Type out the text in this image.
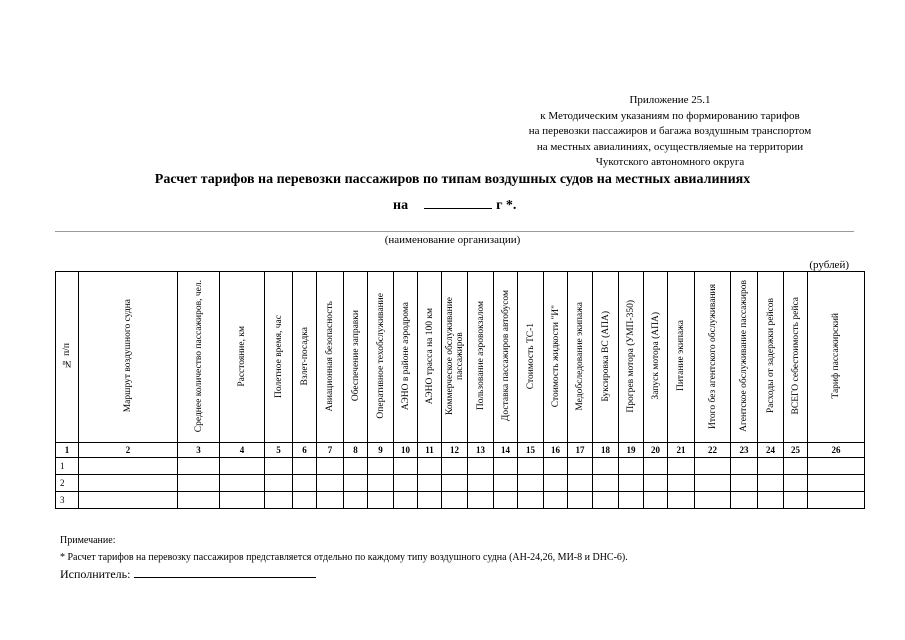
Приложение 25.1
к Методическим указаниям по формированию тарифов
на перевозки пассажиров и багажа воздушным транспортом
на местных авиалиниях, осуществляемые на территории
Чукотского автономного округа
Расчет тарифов на перевозки пассажиров по типам воздушных судов на местных авиалиниях
на	г *.
(наименование организации)
(рублей)
№ п/п	Маршрут воздушного судна	Среднее количество пассажиров, чел.	Расстояние, км	Полетное время, час	Взлет-посадка	Авиационная безопасность	Обеспечение заправки	Оперативное техобслуживание	АЭНО в районе аэродрома	АЭНО трасса на 100 км	Коммерческое обслуживание пассажиров	Пользование аэровокзалом	Доставка пассажиров автобусом	Стоимость ТС-1	Стоимость жидкости "И"	Медобследование экипажа	Буксировка ВС (АПА)	Прогрев мотора (УМП-350)	Запуск мотора (АПА)	Питание экипажа	Итого без агентского обслуживания	Агентское обслуживание пассажиров	Расходы от задержки рейсов	ВСЕГО себестоимость рейса	Тариф пассажирский
1	2	3	4	5	6	7	8	9	10	11	12	13	14	15	16	17	18	19	20	21	22	23	24	25	26
1																									
2																									
3																									
Примечание:
* Расчет тарифов на перевозку пассажиров представляется отдельно по каждому типу воздушного судна (АН-24,26, МИ-8 и DHC-6).
Исполнитель:
